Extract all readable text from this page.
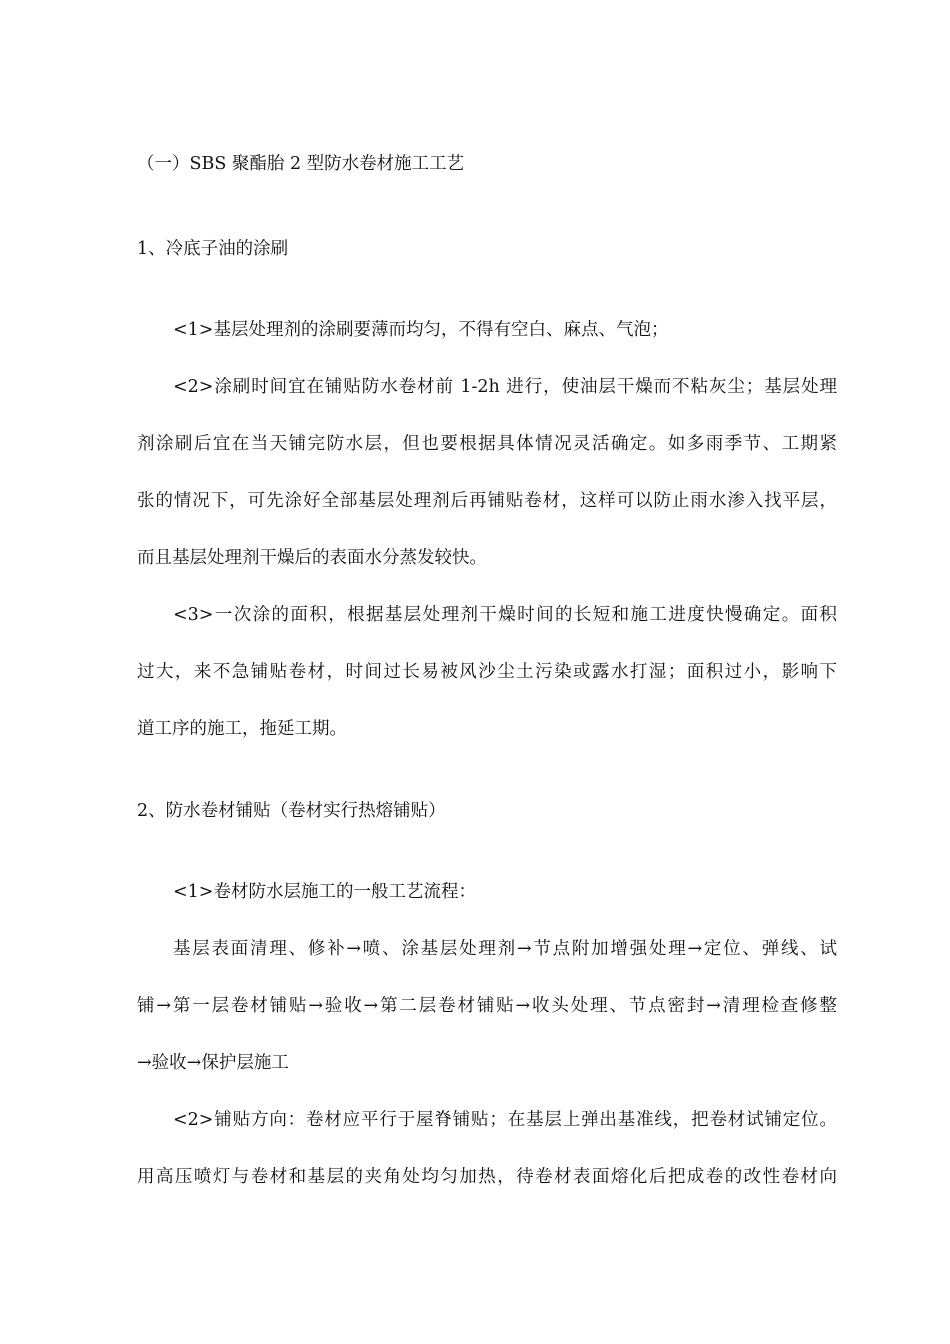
（一）SBS 聚酯胎 2 型防水卷材施工工艺
1、冷底子油的涂刷
<1>基层处理剂的涂刷要薄而均匀，不得有空白、麻点、气泡；
<2>涂刷时间宜在铺贴防水卷材前 1-2h 进行，使油层干燥而不粘灰尘；基层处理
剂涂刷后宜在当天铺完防水层，但也要根据具体情况灵活确定。如多雨季节、工期紧
张的情况下，可先涂好全部基层处理剂后再铺贴卷材，这样可以防止雨水渗入找平层，
而且基层处理剂干燥后的表面水分蒸发较快。
<3>一次涂的面积，根据基层处理剂干燥时间的长短和施工进度快慢确定。面积
过大，来不急铺贴卷材，时间过长易被风沙尘土污染或露水打湿；面积过小，影响下
道工序的施工，拖延工期。
2、防水卷材铺贴（卷材实行热熔铺贴）
<1>卷材防水层施工的一般工艺流程：
基层表面清理、修补→喷、涂基层处理剂→节点附加增强处理→定位、弹线、试
铺→第一层卷材铺贴→验收→第二层卷材铺贴→收头处理、节点密封→清理检查修整
→验收→保护层施工
<2>铺贴方向：卷材应平行于屋脊铺贴；在基层上弹出基准线，把卷材试铺定位。
用高压喷灯与卷材和基层的夹角处均匀加热，待卷材表面熔化后把成卷的改性卷材向
